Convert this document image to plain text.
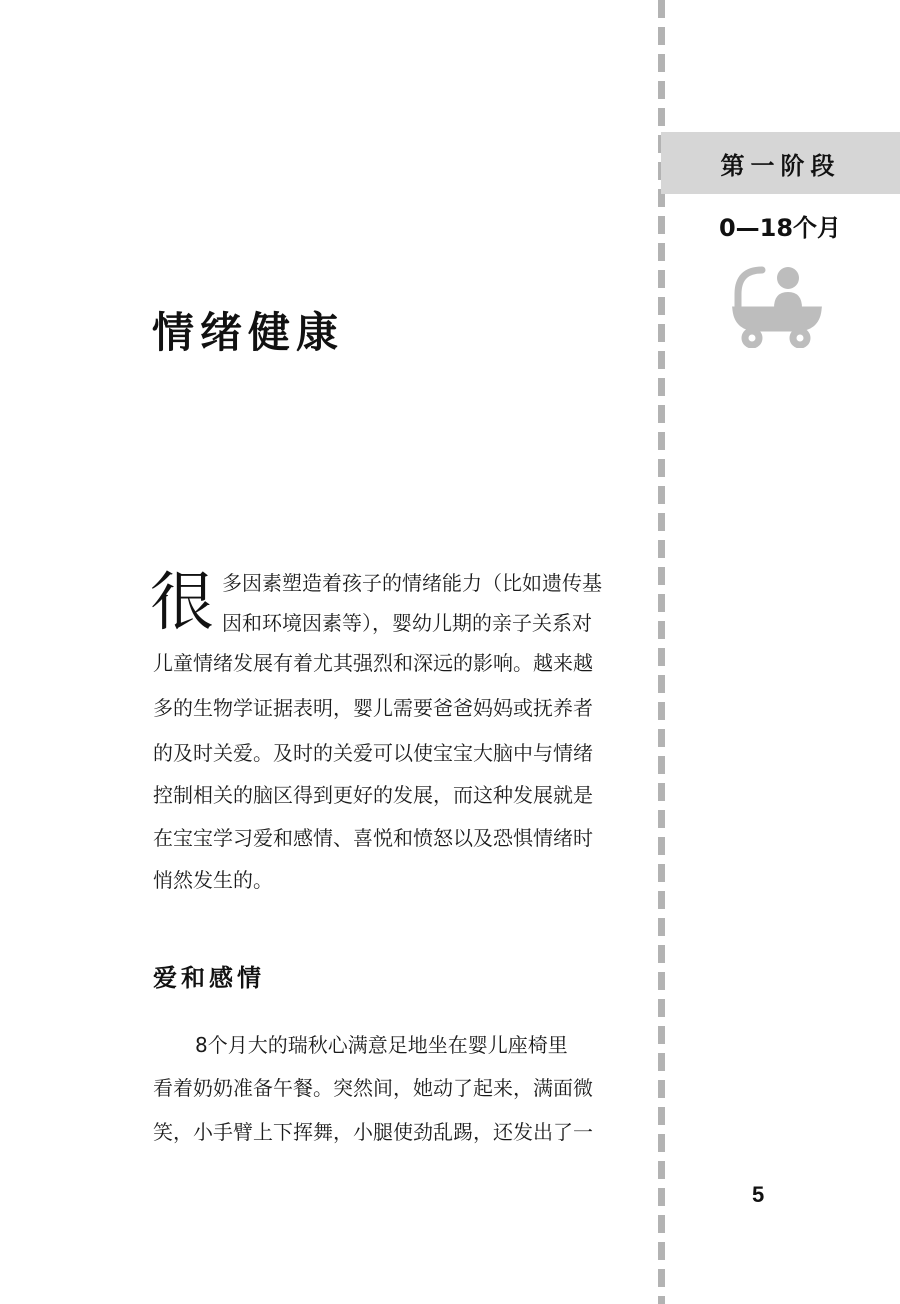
第一阶段
0—18个月
情绪健康
很 多因素塑造着孩子的情绪能力（比如遗传基
因和环境因素等），婴幼儿期的亲子关系对
儿童情绪发展有着尤其强烈和深远的影响。越来越
多的生物学证据表明，婴儿需要爸爸妈妈或抚养者
的及时关爱。及时的关爱可以使宝宝大脑中与情绪
控制相关的脑区得到更好的发展，而这种发展就是
在宝宝学习爱和感情、喜悦和愤怒以及恐惧情绪时
悄然发生的。
爱和感情
8个月大的瑞秋心满意足地坐在婴儿座椅里
看着奶奶准备午餐。突然间，她动了起来，满面微
笑，小手臂上下挥舞，小腿使劲乱踢，还发出了一
5
